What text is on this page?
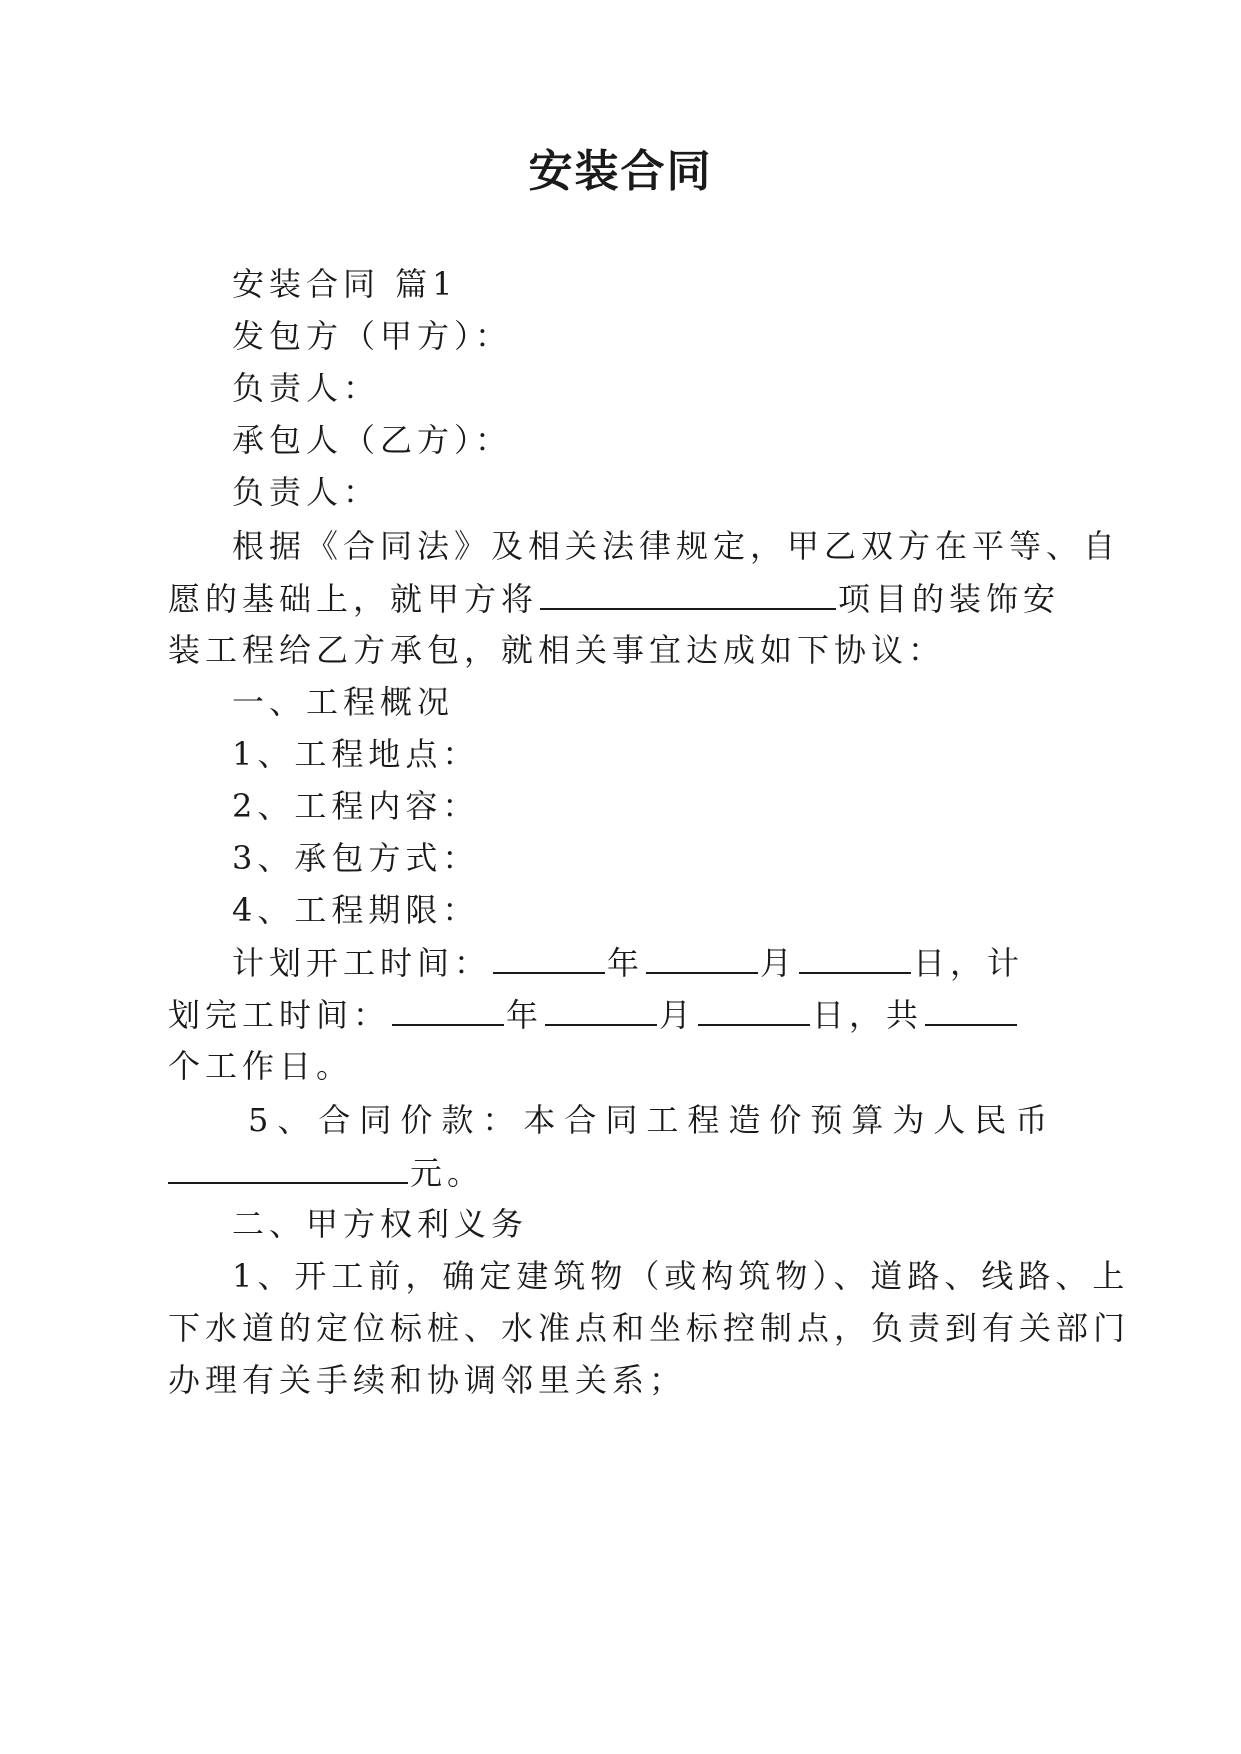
安装合同
安装合同 篇1
发包方（甲方）：
负责人：
承包人（乙方）：
负责人：
根据《合同法》及相关法律规定，甲乙双方在平等、自
愿的基础上，就甲方将	项目的装饰安
装工程给乙方承包，就相关事宜达成如下协议：
一、工程概况
1、工程地点：
2、工程内容：
3、承包方式：
4、工程期限：
计划开工时间：	年	月	日，计
划完工时间：	年	月	日，共
个工作日。
5、合同价款：本合同工程造价预算为人民币
元。
二、甲方权利义务
1、开工前，确定建筑物（或构筑物）、道路、线路、上
下水道的定位标桩、水准点和坐标控制点，负责到有关部门
办理有关手续和协调邻里关系；
